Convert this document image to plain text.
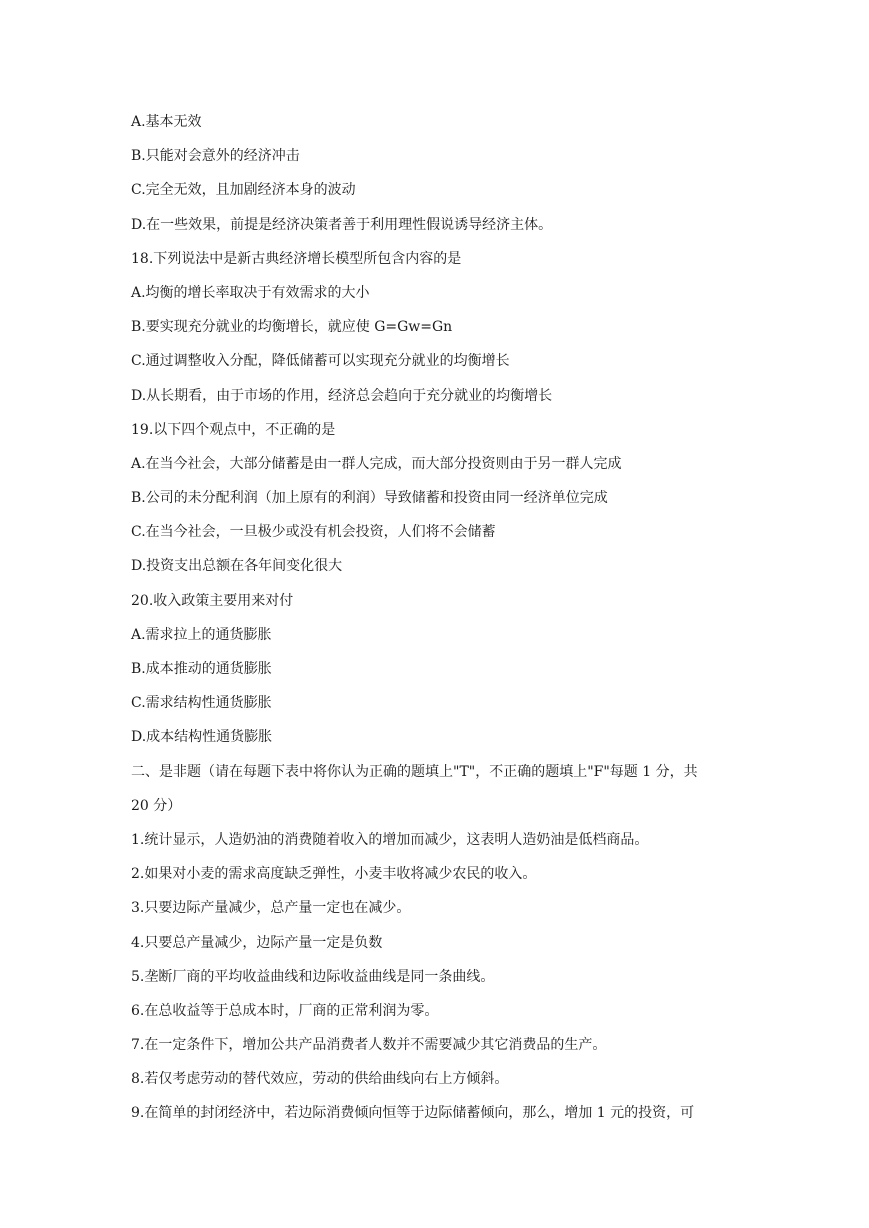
A.基本无效

B.只能对会意外的经济冲击

C.完全无效，且加剧经济本身的波动

D.在一些效果，前提是经济决策者善于利用理性假说诱导经济主体。

18.下列说法中是新古典经济增长模型所包含内容的是

A.均衡的增长率取决于有效需求的大小

B.要实现充分就业的均衡增长，就应使 G=Gw=Gn

C.通过调整收入分配，降低储蓄可以实现充分就业的均衡增长

D.从长期看，由于市场的作用，经济总会趋向于充分就业的均衡增长

19.以下四个观点中，不正确的是

A.在当今社会，大部分储蓄是由一群人完成，而大部分投资则由于另一群人完成

B.公司的未分配利润（加上原有的利润）导致储蓄和投资由同一经济单位完成

C.在当今社会，一旦极少或没有机会投资，人们将不会储蓄

D.投资支出总额在各年间变化很大

20.收入政策主要用来对付

A.需求拉上的通货膨胀

B.成本推动的通货膨胀

C.需求结构性通货膨胀

D.成本结构性通货膨胀

二、是非题（请在每题下表中将你认为正确的题填上"T"，不正确的题填上"F"每题 1 分，共

20 分）

1.统计显示，人造奶油的消费随着收入的增加而减少，这表明人造奶油是低档商品。

2.如果对小麦的需求高度缺乏弹性，小麦丰收将减少农民的收入。

3.只要边际产量减少，总产量一定也在减少。

4.只要总产量减少，边际产量一定是负数

5.垄断厂商的平均收益曲线和边际收益曲线是同一条曲线。

6.在总收益等于总成本时，厂商的正常利润为零。

7.在一定条件下，增加公共产品消费者人数并不需要减少其它消费品的生产。

8.若仅考虑劳动的替代效应，劳动的供给曲线向右上方倾斜。

9.在简单的封闭经济中，若边际消费倾向恒等于边际储蓄倾向，那么，增加 1 元的投资，可
